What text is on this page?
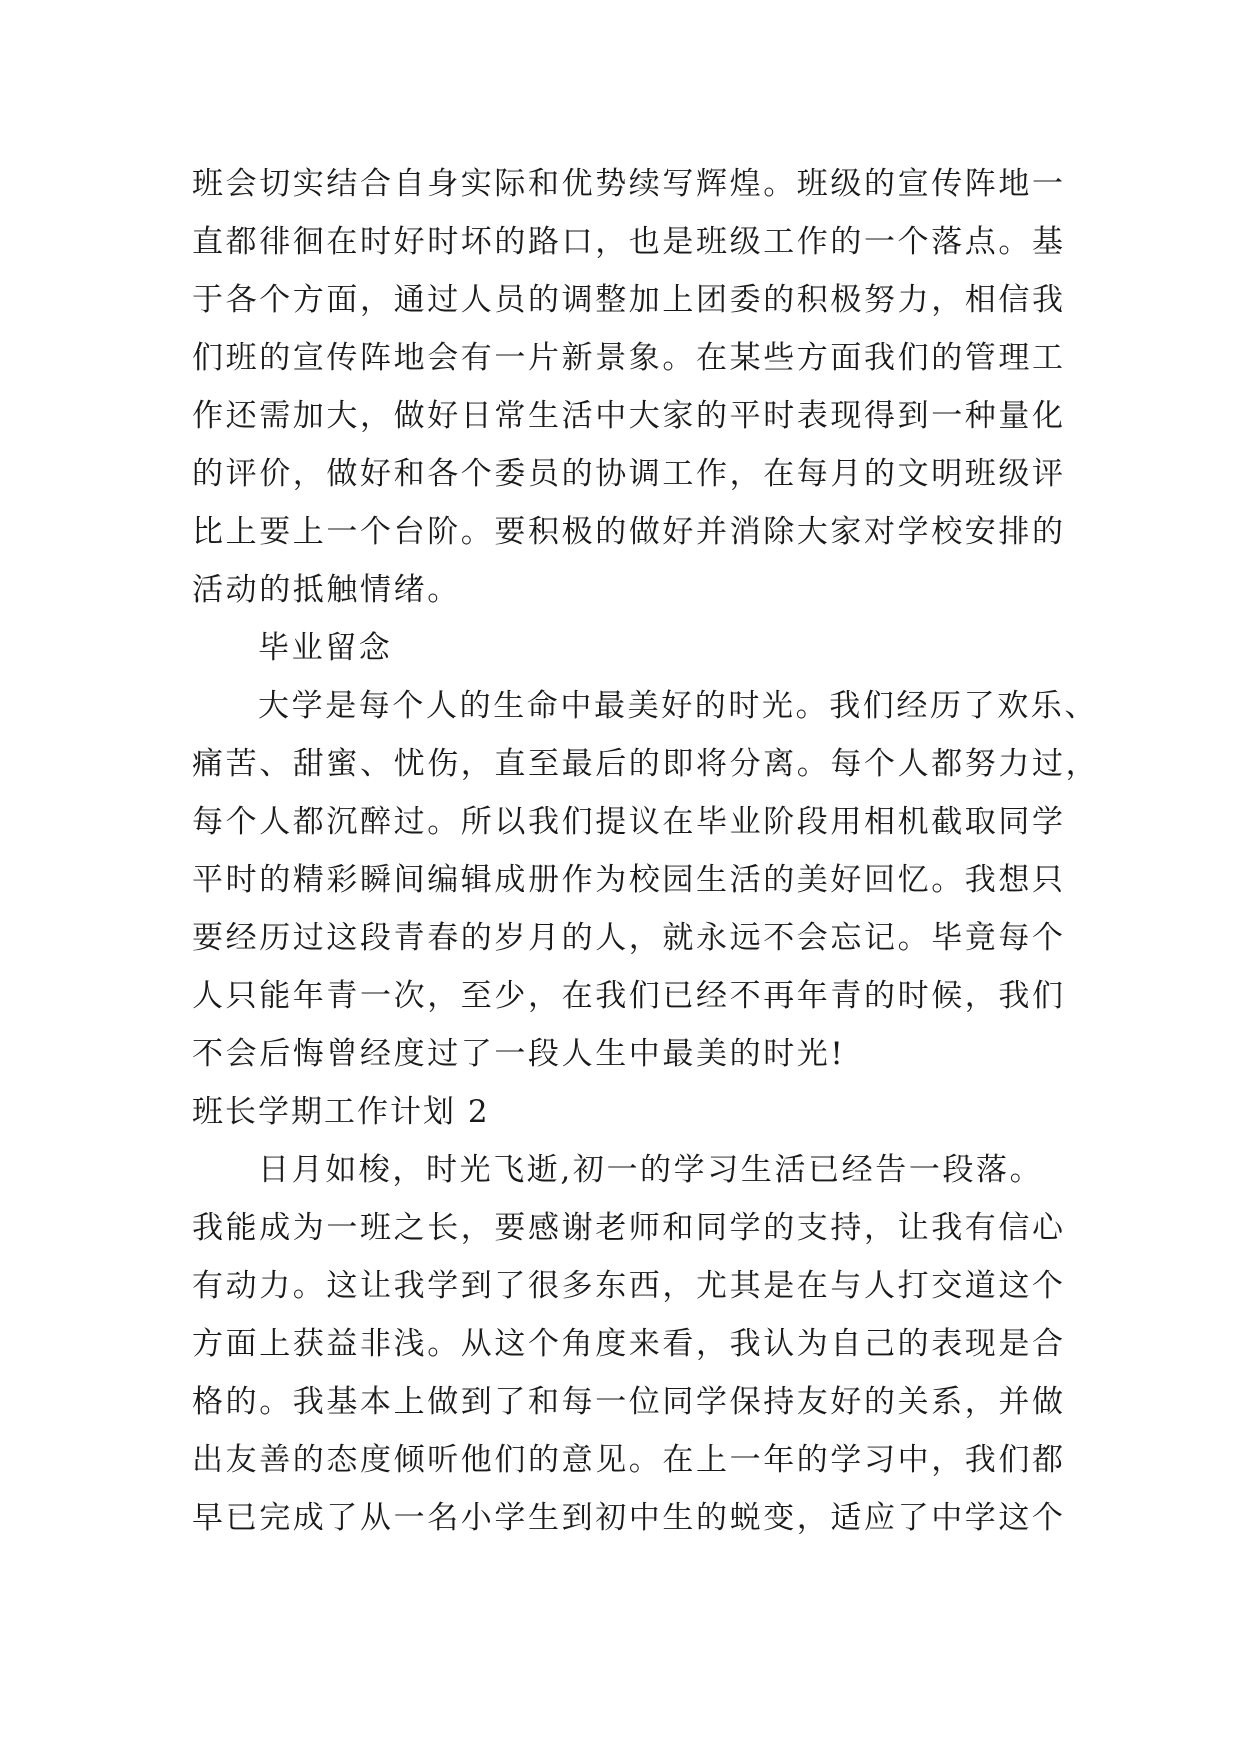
班会切实结合自身实际和优势续写辉煌。班级的宣传阵地一
直都徘徊在时好时坏的路口，也是班级工作的一个落点。基
于各个方面，通过人员的调整加上团委的积极努力，相信我
们班的宣传阵地会有一片新景象。在某些方面我们的管理工
作还需加大，做好日常生活中大家的平时表现得到一种量化
的评价，做好和各个委员的协调工作，在每月的文明班级评
比上要上一个台阶。要积极的做好并消除大家对学校安排的
活动的抵触情绪。
毕业留念
大学是每个人的生命中最美好的时光。我们经历了欢乐、
痛苦、甜蜜、忧伤，直至最后的即将分离。每个人都努力过，
每个人都沉醉过。所以我们提议在毕业阶段用相机截取同学
平时的精彩瞬间编辑成册作为校园生活的美好回忆。我想只
要经历过这段青春的岁月的人，就永远不会忘记。毕竟每个
人只能年青一次，至少，在我们已经不再年青的时候，我们
不会后悔曾经度过了一段人生中最美的时光!
班长学期工作计划 2
日月如梭，时光飞逝,初一的学习生活已经告一段落。
我能成为一班之长，要感谢老师和同学的支持，让我有信心
有动力。这让我学到了很多东西，尤其是在与人打交道这个
方面上获益非浅。从这个角度来看，我认为自己的表现是合
格的。我基本上做到了和每一位同学保持友好的关系，并做
出友善的态度倾听他们的意见。在上一年的学习中，我们都
早已完成了从一名小学生到初中生的蜕变，适应了中学这个
